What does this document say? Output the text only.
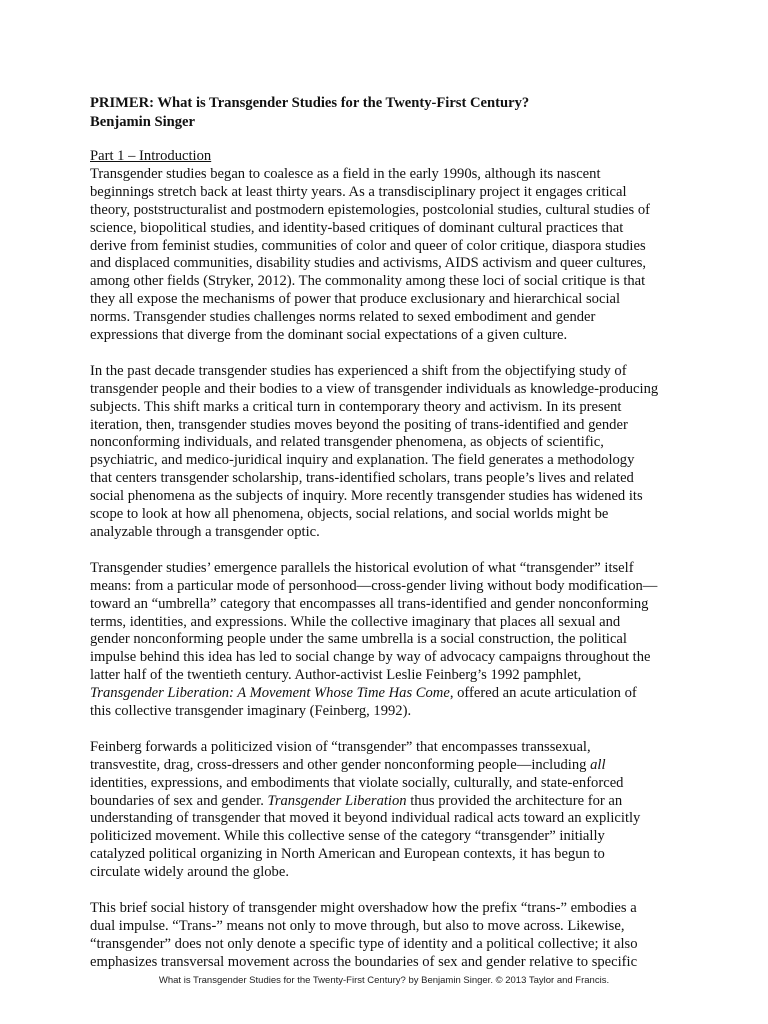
PRIMER: What is Transgender Studies for the Twenty-First Century?
Benjamin Singer
Part 1 – Introduction
Transgender studies began to coalesce as a field in the early 1990s, although its nascent
beginnings stretch back at least thirty years. As a transdisciplinary project it engages critical
theory, poststructuralist and postmodern epistemologies, postcolonial studies, cultural studies of
science, biopolitical studies, and identity-based critiques of dominant cultural practices that
derive from feminist studies, communities of color and queer of color critique, diaspora studies
and displaced communities, disability studies and activisms, AIDS activism and queer cultures,
among other fields (Stryker, 2012). The commonality among these loci of social critique is that
they all expose the mechanisms of power that produce exclusionary and hierarchical social
norms. Transgender studies challenges norms related to sexed embodiment and gender
expressions that diverge from the dominant social expectations of a given culture.
In the past decade transgender studies has experienced a shift from the objectifying study of
transgender people and their bodies to a view of transgender individuals as knowledge-producing
subjects. This shift marks a critical turn in contemporary theory and activism. In its present
iteration, then, transgender studies moves beyond the positing of trans-identified and gender
nonconforming individuals, and related transgender phenomena, as objects of scientific,
psychiatric, and medico-juridical inquiry and explanation. The field generates a methodology
that centers transgender scholarship, trans-identified scholars, trans people’s lives and related
social phenomena as the subjects of inquiry. More recently transgender studies has widened its
scope to look at how all phenomena, objects, social relations, and social worlds might be
analyzable through a transgender optic.
Transgender studies’ emergence parallels the historical evolution of what “transgender” itself
means: from a particular mode of personhood—cross-gender living without body modification—
toward an “umbrella” category that encompasses all trans-identified and gender nonconforming
terms, identities, and expressions. While the collective imaginary that places all sexual and
gender nonconforming people under the same umbrella is a social construction, the political
impulse behind this idea has led to social change by way of advocacy campaigns throughout the
latter half of the twentieth century. Author-activist Leslie Feinberg’s 1992 pamphlet,
Transgender Liberation: A Movement Whose Time Has Come, offered an acute articulation of
this collective transgender imaginary (Feinberg, 1992).
Feinberg forwards a politicized vision of “transgender” that encompasses transsexual,
transvestite, drag, cross-dressers and other gender nonconforming people—including all
identities, expressions, and embodiments that violate socially, culturally, and state-enforced
boundaries of sex and gender. Transgender Liberation thus provided the architecture for an
understanding of transgender that moved it beyond individual radical acts toward an explicitly
politicized movement. While this collective sense of the category “transgender” initially
catalyzed political organizing in North American and European contexts, it has begun to
circulate widely around the globe.
This brief social history of transgender might overshadow how the prefix “trans-” embodies a
dual impulse. “Trans-” means not only to move through, but also to move across. Likewise,
“transgender” does not only denote a specific type of identity and a political collective; it also
emphasizes transversal movement across the boundaries of sex and gender relative to specific
What is Transgender Studies for the Twenty-First Century? by Benjamin Singer. © 2013 Taylor and Francis.
